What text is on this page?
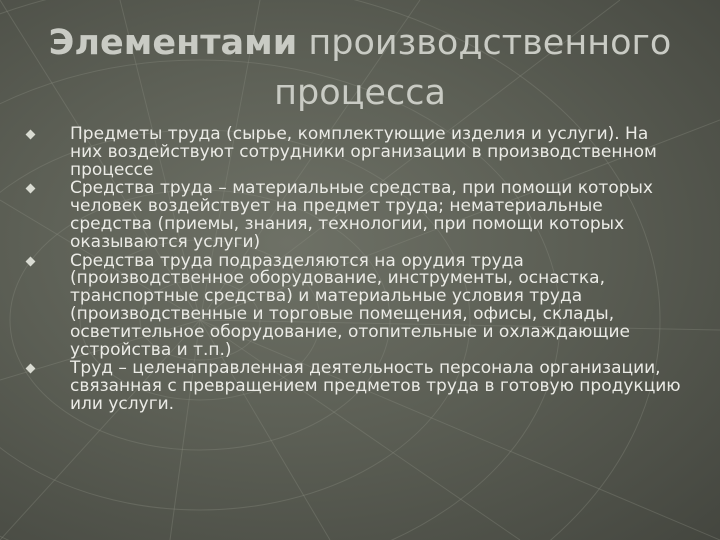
Элементами производственного процесса
Предметы труда (сырье, комплектующие изделия и услуги). На них воздействуют сотрудники организации в производственном процессе
Средства труда – материальные средства, при помощи которых человек воздействует на предмет труда; нематериальные средства (приемы, знания, технологии, при помощи которых оказываются услуги)
Средства труда подразделяются на орудия труда (производственное оборудование, инструменты, оснастка, транспортные средства) и материальные условия труда (производственные и торговые помещения, офисы, склады, осветительное оборудование, отопительные и охлаждающие устройства и т.п.)
Труд – целенаправленная деятельность персонала организации, связанная с превращением предметов труда в готовую продукцию или услуги.
